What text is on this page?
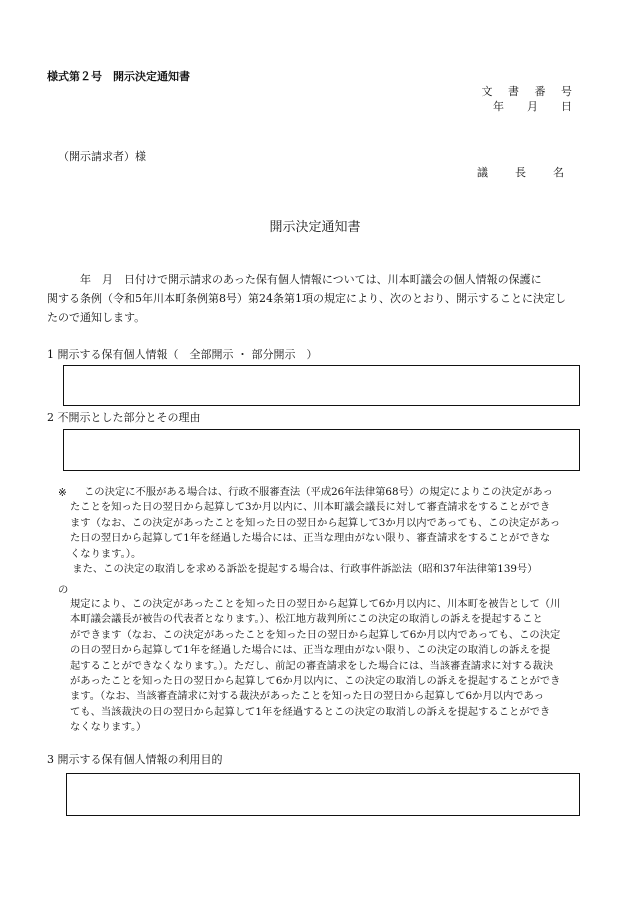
様式第２号　開示決定通知書
文 書 番 号
年　月　日
（開示請求者）様
議　長　名
開示決定通知書

　　　年　月　日付けで開示請求のあった保有個人情報については、川本町議会の個人情報の保護に

関する条例（令和5年川本町条例第8号）第24条第1項の規定により、次のとおり、開示することに決定し

たので通知します。

1 開示する保有個人情報（　全部開示 ・ 部分開示　）
2 不開示とした部分とその理由
※	この決定に不服がある場合は、行政不服審査法（平成26年法律第68号）の規定によりこの決定があっ

たことを知った日の翌日から起算して3か月以内に、川本町議会議長に対して審査請求をすることができ

ます（なお、この決定があったことを知った日の翌日から起算して3か月以内であっても、この決定があっ

た日の翌日から起算して1年を経過した場合には、正当な理由がない限り、審査請求をすることができな

くなります。）。

　また、この決定の取消しを求める訴訟を提起する場合は、行政事件訴訟法（昭和37年法律第139号）

の

規定により、この決定があったことを知った日の翌日から起算して6か月以内に、川本町を被告として（川

本町議会議長が被告の代表者となります。）、松江地方裁判所にこの決定の取消しの訴えを提起すること

ができます（なお、この決定があったことを知った日の翌日から起算して6か月以内であっても、この決定

の日の翌日から起算して1年を経過した場合には、正当な理由がない限り、この決定の取消しの訴えを提

起することができなくなります。）。ただし、前記の審査請求をした場合には、当該審査請求に対する裁決

があったことを知った日の翌日から起算して6か月以内に、この決定の取消しの訴えを提起することができ

ます。（なお、当該審査請求に対する裁決があったことを知った日の翌日から起算して6か月以内であっ

ても、当該裁決の日の翌日から起算して1年を経過するとこの決定の取消しの訴えを提起することができ

なくなります。）

3 開示する保有個人情報の利用目的
